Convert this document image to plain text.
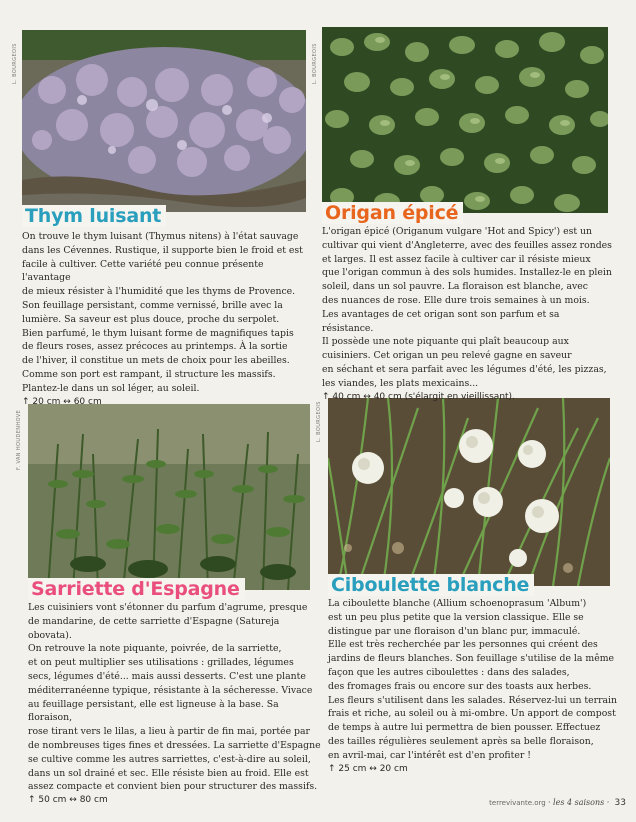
L. BOURGEOIS	L. BOURGEOIS
F. VAN HOUDENHOVE	L. BOURGEOIS
Thym luisant	Origan épicé
Sarriette d'Espagne	Ciboulette blanche

On trouve le thym luisant (Thymus nitens) à l'état sauvage

dans les Cévennes. Rustique, il supporte bien le froid et est

facile à cultiver. Cette variété peu connue présente l'avantage

de mieux résister à l'humidité que les thyms de Provence.

Son feuillage persistant, comme vernissé, brille avec la

lumière. Sa saveur est plus douce, proche du serpolet.

Bien parfumé, le thym luisant forme de magnifiques tapis

de fleurs roses, assez précoces au printemps. À la sortie

de l'hiver, il constitue un mets de choix pour les abeilles.

Comme son port est rampant, il structure les massifs.

Plantez-le dans un sol léger, au soleil.

↑ 20 cm ↔ 60 cm

L'origan épicé (Origanum vulgare 'Hot and Spicy') est un

cultivar qui vient d'Angleterre, avec des feuilles assez rondes

et larges. Il est assez facile à cultiver car il résiste mieux

que l'origan commun à des sols humides. Installez-le en plein

soleil, dans un sol pauvre. La floraison est blanche, avec

des nuances de rose. Elle dure trois semaines à un mois.

Les avantages de cet origan sont son parfum et sa résistance.

Il possède une note piquante qui plaît beaucoup aux

cuisiniers. Cet origan un peu relevé gagne en saveur

en séchant et sera parfait avec les légumes d'été, les pizzas,

les viandes, les plats mexicains...

↑ 40 cm ↔ 40 cm (s'élargit en vieillissant).

Les cuisiniers vont s'étonner du parfum d'agrume, presque

de mandarine, de cette sarriette d'Espagne (Satureja obovata).

On retrouve la note piquante, poivrée, de la sarriette,

et on peut multiplier ses utilisations : grillades, légumes

secs, légumes d'été... mais aussi desserts. C'est une plante

méditerranéenne typique, résistante à la sécheresse. Vivace

au feuillage persistant, elle est ligneuse à la base. Sa floraison,

rose tirant vers le lilas, a lieu à partir de fin mai, portée par

de nombreuses tiges fines et dressées. La sarriette d'Espagne

se cultive comme les autres sarriettes, c'est-à-dire au soleil,

dans un sol drainé et sec. Elle résiste bien au froid. Elle est

assez compacte et convient bien pour structurer des massifs.

↑ 50 cm ↔ 80 cm

La ciboulette blanche (Allium schoenoprasum 'Album')

est un peu plus petite que la version classique. Elle se

distingue par une floraison d'un blanc pur, immaculé.

Elle est très recherchée par les personnes qui créent des

jardins de fleurs blanches. Son feuillage s'utilise de la même

façon que les autres ciboulettes : dans des salades,

des fromages frais ou encore sur des toasts aux herbes.

Les fleurs s'utilisent dans les salades. Réservez-lui un terrain

frais et riche, au soleil ou à mi-ombre. Un apport de compost

de temps à autre lui permettra de bien pousser. Effectuez

des tailles régulières seulement après sa belle floraison,

en avril-mai, car l'intérêt est d'en profiter !

↑ 25 cm ↔ 20 cm

terrevivante.org · les 4 saisons · 33
